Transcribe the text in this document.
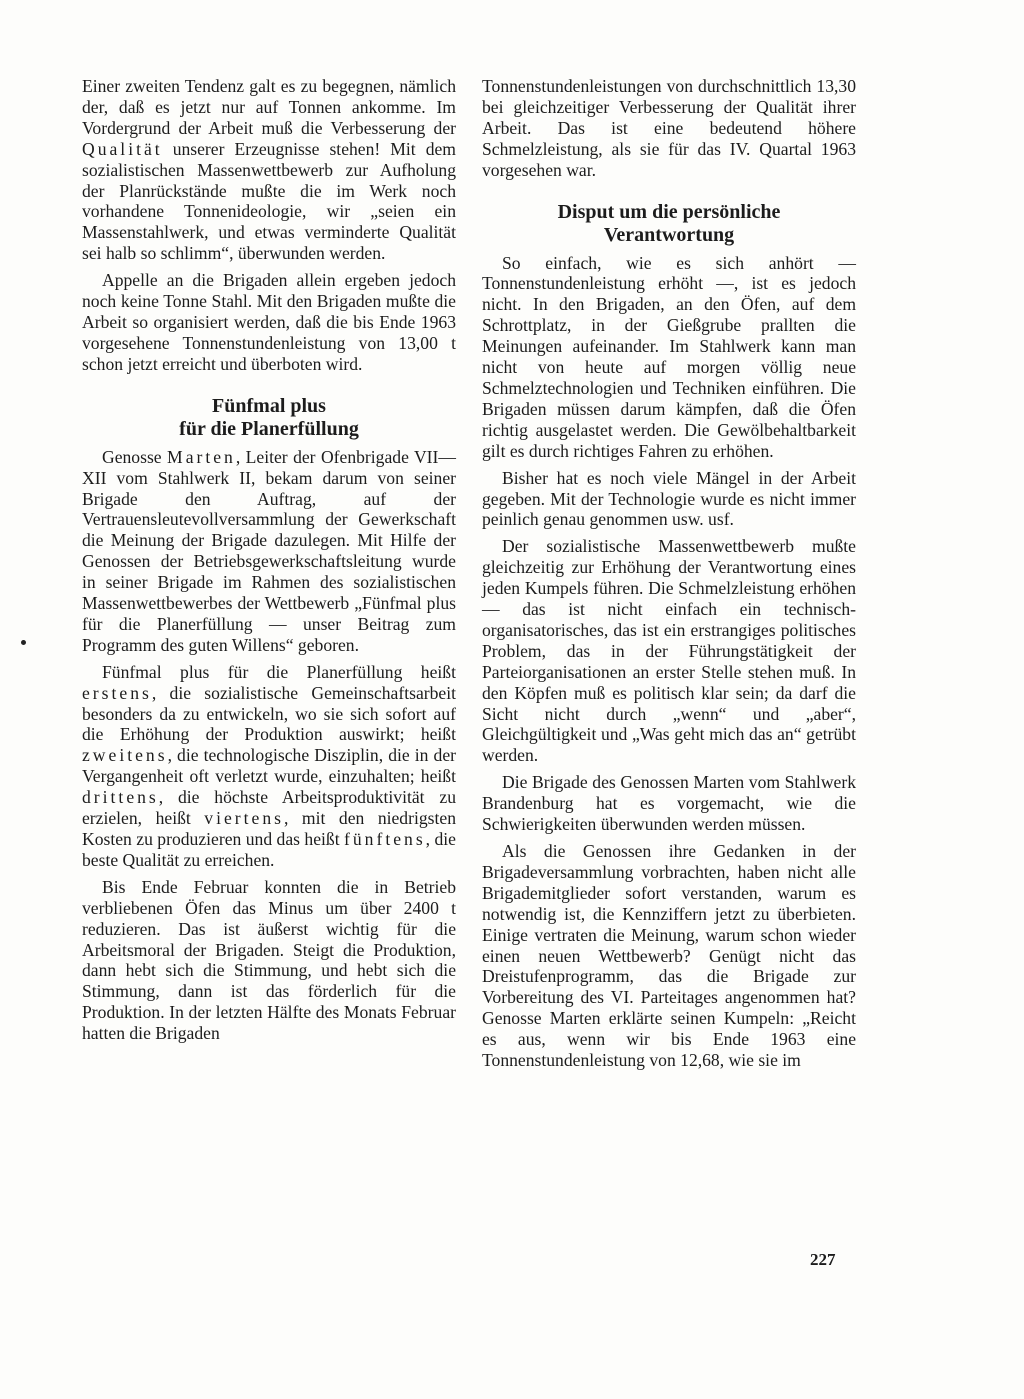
Einer zweiten Tendenz galt es zu begegnen, nämlich der, daß es jetzt nur auf Tonnen ankomme. Im Vordergrund der Arbeit muß die Verbesserung der Qualität unserer Erzeugnisse stehen! Mit dem sozialistischen Massenwettbewerb zur Aufholung der Planrückstände mußte die im Werk noch vorhandene Tonnenideologie, wir „seien ein Massenstahlwerk, und etwas verminderte Qualität sei halb so schlimm“, überwunden werden.

Appelle an die Brigaden allein ergeben jedoch noch keine Tonne Stahl. Mit den Brigaden mußte die Arbeit so organisiert werden, daß die bis Ende 1963 vorgesehene Tonnenstundenleistung von 13,00 t schon jetzt erreicht und überboten wird.

Fünfmal plus
für die Planerfüllung

Genosse Marten, Leiter der Ofenbrigade VII—XII vom Stahlwerk II, bekam darum von seiner Brigade den Auftrag, auf der Vertrauensleutevollversammlung der Gewerkschaft die Meinung der Brigade dazulegen. Mit Hilfe der Genossen der Betriebsgewerkschaftsleitung wurde in seiner Brigade im Rahmen des sozialistischen Massenwettbewerbes der Wettbewerb „Fünfmal plus für die Planerfüllung — unser Beitrag zum Programm des guten Willens“ geboren.

Fünfmal plus für die Planerfüllung heißt erstens, die sozialistische Gemeinschaftsarbeit besonders da zu entwickeln, wo sie sich sofort auf die Erhöhung der Produktion auswirkt; heißt zweitens, die technologische Disziplin, die in der Vergangenheit oft verletzt wurde, einzuhalten; heißt drittens, die höchste Arbeitsproduktivität zu erzielen, heißt viertens, mit den niedrigsten Kosten zu produzieren und das heißt fünftens, die beste Qualität zu erreichen.

Bis Ende Februar konnten die in Betrieb verbliebenen Öfen das Minus um über 2400 t reduzieren. Das ist äußerst wichtig für die Arbeitsmoral der Brigaden. Steigt die Produktion, dann hebt sich die Stimmung, und hebt sich die Stimmung, dann ist das förderlich für die Produktion. In der letzten Hälfte des Monats Februar hatten die Brigaden

Tonnenstundenleistungen von durchschnittlich 13,30 bei gleichzeitiger Verbesserung der Qualität ihrer Arbeit. Das ist eine bedeutend höhere Schmelzleistung, als sie für das IV. Quartal 1963 vorgesehen war.

Disput um die persönliche
Verantwortung

So einfach, wie es sich anhört — Tonnenstundenleistung erhöht —, ist es jedoch nicht. In den Brigaden, an den Öfen, auf dem Schrottplatz, in der Gießgrube prallten die Meinungen aufeinander. Im Stahlwerk kann man nicht von heute auf morgen völlig neue Schmelztechnologien und Techniken einführen. Die Brigaden müssen darum kämpfen, daß die Öfen richtig ausgelastet werden. Die Gewölbehaltbarkeit gilt es durch richtiges Fahren zu erhöhen.

Bisher hat es noch viele Mängel in der Arbeit gegeben. Mit der Technologie wurde es nicht immer peinlich genau genommen usw. usf.

Der sozialistische Massenwettbewerb mußte gleichzeitig zur Erhöhung der Verantwortung eines jeden Kumpels führen. Die Schmelzleistung erhöhen — das ist nicht einfach ein technisch-organisatorisches, das ist ein erstrangiges politisches Problem, das in der Führungstätigkeit der Parteiorganisationen an erster Stelle stehen muß. In den Köpfen muß es politisch klar sein; da darf die Sicht nicht durch „wenn“ und „aber“, Gleichgültigkeit und „Was geht mich das an“ getrübt werden.

Die Brigade des Genossen Marten vom Stahlwerk Brandenburg hat es vorgemacht, wie die Schwierigkeiten überwunden werden müssen.

Als die Genossen ihre Gedanken in der Brigadeversammlung vorbrachten, haben nicht alle Brigademitglieder sofort verstanden, warum es notwendig ist, die Kennziffern jetzt zu überbieten. Einige vertraten die Meinung, warum schon wieder einen neuen Wettbewerb? Genügt nicht das Dreistufenprogramm, das die Brigade zur Vorbereitung des VI. Parteitages angenommen hat? Genosse Marten erklärte seinen Kumpeln: „Reicht es aus, wenn wir bis Ende 1963 eine Tonnenstundenleistung von 12,68, wie sie im

227
